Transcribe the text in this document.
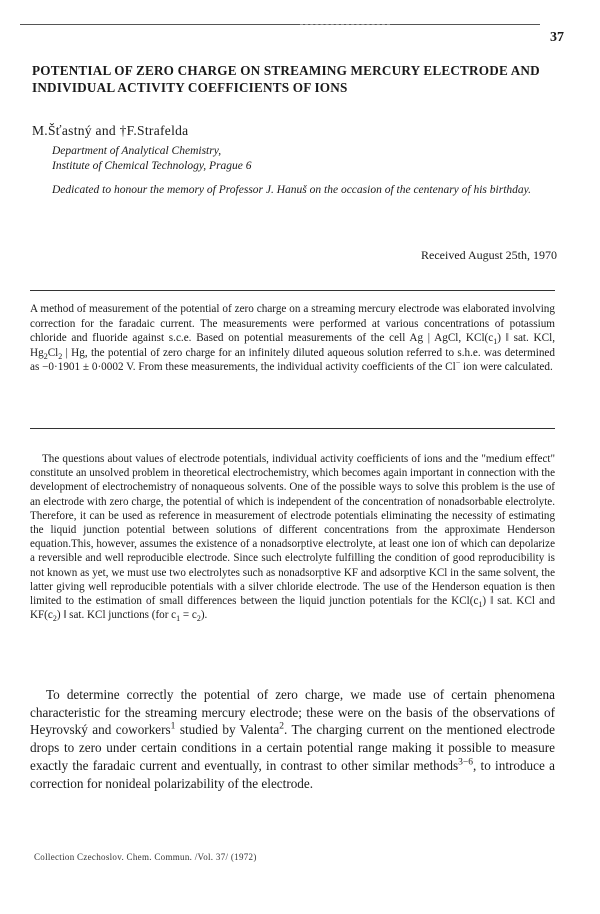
37
POTENTIAL OF ZERO CHARGE ON STREAMING MERCURY ELECTRODE AND INDIVIDUAL ACTIVITY COEFFICIENTS OF IONS
M.Šťastný and †F.Strafelda
Department of Analytical Chemistry,
Institute of Chemical Technology, Prague 6
Dedicated to honour the memory of Professor J. Hanuš on the occasion of the centenary of his birthday.
Received August 25th, 1970
A method of measurement of the potential of zero charge on a streaming mercury electrode was elaborated involving correction for the faradaic current. The measurements were performed at various concentrations of potassium chloride and fluoride against s.c.e. Based on potential measurements of the cell Ag | AgCl, $KCl(c_1)$ ǁ sat. KCl, $Hg_2Cl_2$ | Hg, the potential of zero charge for an infinitely diluted aqueous solution referred to s.h.e. was determined as −0·1901 ± 0·0002 V. From these measurements, the individual activity coefficients of the Cl− ion were calculated.
The questions about values of electrode potentials, individual activity coefficients of ions and the "medium effect" constitute an unsolved problem in theoretical electrochemistry, which becomes again important in connection with the development of electrochemistry of nonaqueous solvents. One of the possible ways to solve this problem is the use of an electrode with zero charge, the potential of which is independent of the concentration of nonadsorbable electrolyte. Therefore, it can be used as reference in measurement of electrode potentials eliminating the necessity of estimating the liquid junction potential between solutions of different concentrations from the approximate Henderson equation.This, however, assumes the existence of a nonadsorptive electrolyte, at least one ion of which can depolarize a reversible and well reproducible electrode. Since such electrolyte fulfilling the condition of good reproducibility is not known as yet, we must use two electrolytes such as nonadsorptive KF and adsorptive KCl in the same solvent, the latter giving well reproducible potentials with a silver chloride electrode. The use of the Henderson equation is then limited to the estimation of small differences between the liquid junction potentials for the $KCl(c_1)$ ǁ sat. KCl and $KF(c_2)$ ǁ sat. KCl junctions (for $c_1 = c_2$).
To determine correctly the potential of zero charge, we made use of certain phenomena characteristic for the streaming mercury electrode; these were on the basis of the observations of Heyrovský and coworkers$^1$ studied by Valenta$^2$. The charging current on the mentioned electrode drops to zero under certain conditions in a certain potential range making it possible to measure exactly the faradaic current and eventually, in contrast to other similar methods$^{3-6}$, to introduce a correction for nonideal polarizability of the electrode.
Collection Czechoslov. Chem. Commun. /Vol. 37/ (1972)
